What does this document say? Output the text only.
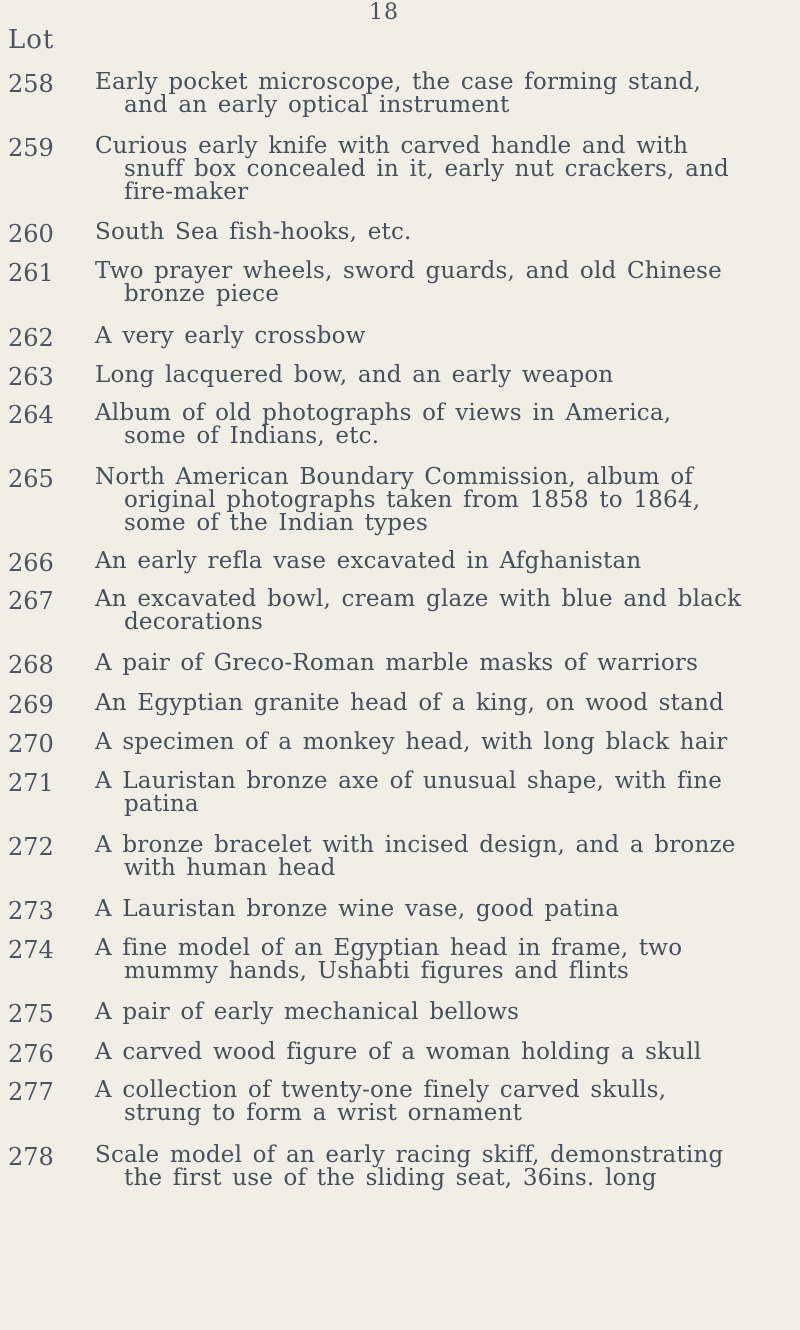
18
Lot
258	Early pocket microscope, the case forming stand,
and an early optical instrument
259	Curious early knife with carved handle and with
snuff box concealed in it, early nut crackers, and
fire-maker
260	South Sea fish-hooks, etc.
261	Two prayer wheels, sword guards, and old Chinese
bronze piece
262	A very early crossbow
263	Long lacquered bow, and an early weapon
264	Album of old photographs of views in America,
some of Indians, etc.
265	North American Boundary Commission, album of
original photographs taken from 1858 to 1864,
some of the Indian types
266	An early refla vase excavated in Afghanistan
267	An excavated bowl, cream glaze with blue and black
decorations
268	A pair of Greco-Roman marble masks of warriors
269	An Egyptian granite head of a king, on wood stand
270	A specimen of a monkey head, with long black hair
271	A Lauristan bronze axe of unusual shape, with fine
patina
272	A bronze bracelet with incised design, and a bronze
with human head
273	A Lauristan bronze wine vase, good patina
274	A fine model of an Egyptian head in frame, two
mummy hands, Ushabti figures and flints
275	A pair of early mechanical bellows
276	A carved wood figure of a woman holding a skull
277	A collection of twenty-one finely carved skulls,
strung to form a wrist ornament
278	Scale model of an early racing skiff, demonstrating
the first use of the sliding seat, 36ins. long
